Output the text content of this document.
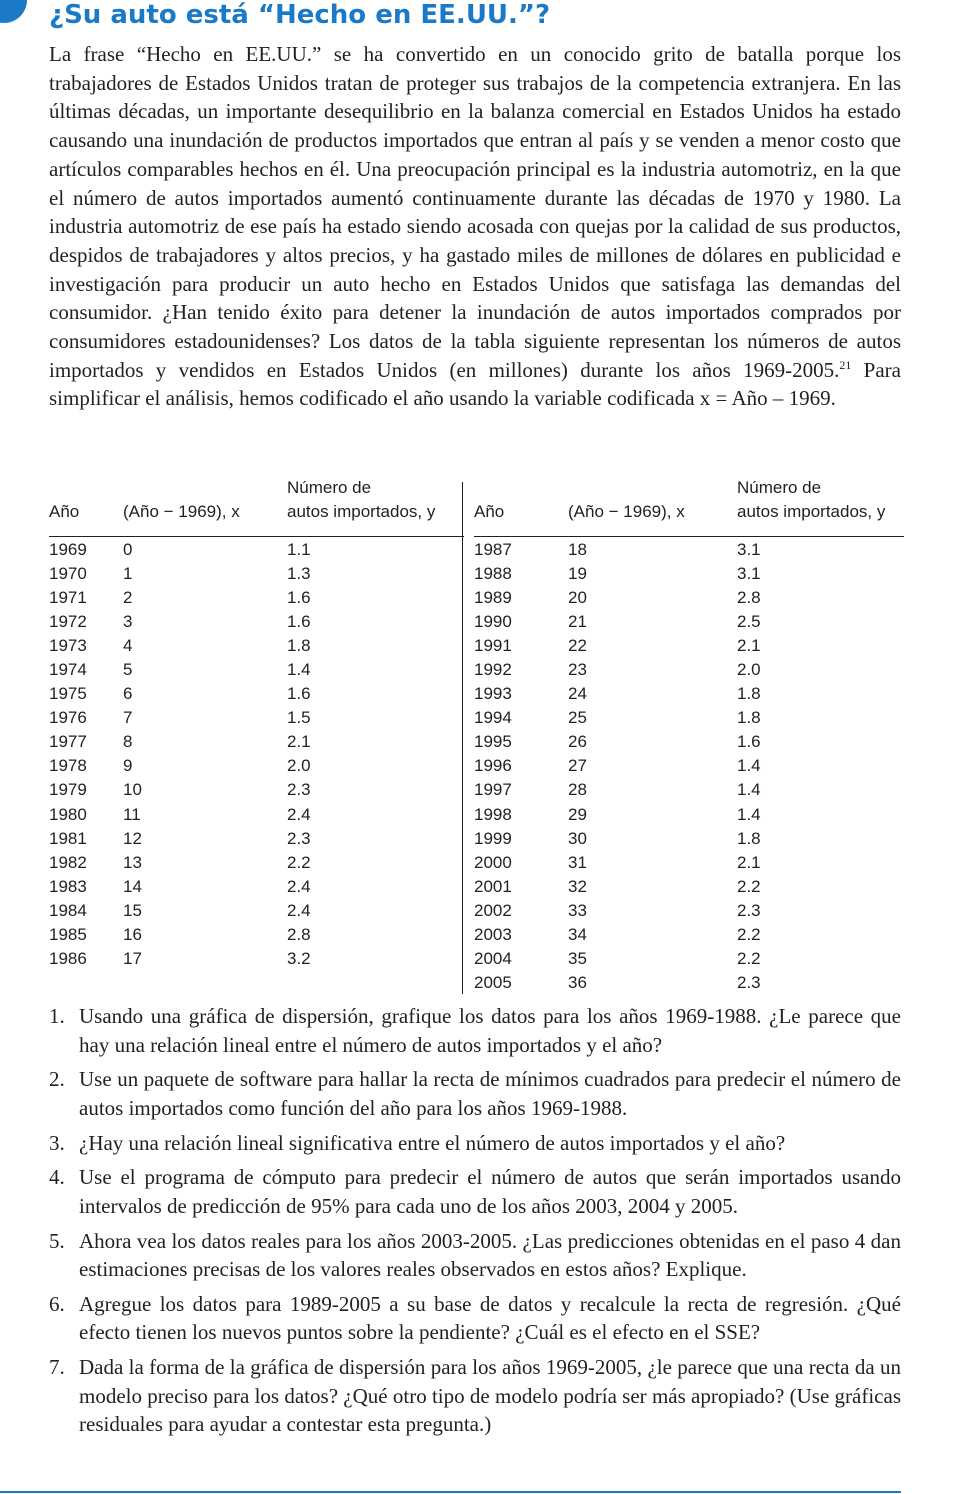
¿Su auto está “Hecho en EE.UU.”?

La frase “Hecho en EE.UU.” se ha convertido en un conocido grito de batalla porque los trabajadores de Estados Unidos tratan de proteger sus trabajos de la competencia extranjera. En las últimas décadas, un importante desequilibrio en la balanza comercial en Estados Unidos ha estado causando una inundación de productos importados que entran al país y se venden a menor costo que artículos comparables hechos en él. Una preocupación principal es la industria automotriz, en la que el número de autos importados aumentó continuamente durante las décadas de 1970 y 1980. La industria automotriz de ese país ha estado siendo acosada con quejas por la calidad de sus productos, despidos de trabajadores y altos precios, y ha gastado miles de millones de dólares en publicidad e investigación para producir un auto hecho en Estados Unidos que satisfaga las demandas del consumidor. ¿Han tenido éxito para detener la inundación de autos importados comprados por consumidores estadounidenses? Los datos de la tabla siguiente representan los números de autos importados y vendidos en Estados Unidos (en millones) durante los años 1969-2005.21 Para simplificar el análisis, hemos codificado el año usando la variable codificada x = Año – 1969.

Año	(Año − 1969), x
Número de
autos importados, y
1969 0	1.1
1970 1	1.3
1971 2	1.6
1972 3	1.6
1973 4	1.8
1974 5	1.4
1975 6	1.6
1976 7	1.5
1977 8	2.1
1978 9	2.0
1979 10	2.3
1980 11	2.4
1981 12	2.3
1982 13	2.2
1983 14	2.4
1984 15	2.4
1985 16	2.8
1986 17	3.2
Año	(Año − 1969), x
Número de
autos importados, y
1987	18	3.1
1988	19	3.1
1989	20	2.8
1990	21	2.5
1991	22	2.1
1992	23	2.0
1993	24	1.8
1994	25	1.8
1995	26	1.6
1996	27	1.4
1997	28	1.4
1998	29	1.4
1999	30	1.8
2000	31	2.1
2001	32	2.2
2002	33	2.3
2003	34	2.2
2004	35	2.2
2005	36	2.3
1. Usando una gráfica de dispersión, grafique los datos para los años 1969-1988. ¿Le parece que hay una relación lineal entre el número de autos importados y el año?
2. Use un paquete de software para hallar la recta de mínimos cuadrados para predecir el número de autos importados como función del año para los años 1969-1988.
3. ¿Hay una relación lineal significativa entre el número de autos importados y el año?
4. Use el programa de cómputo para predecir el número de autos que serán importados usando intervalos de predicción de 95% para cada uno de los años 2003, 2004 y 2005.
5. Ahora vea los datos reales para los años 2003-2005. ¿Las predicciones obtenidas en el paso 4 dan estimaciones precisas de los valores reales observados en estos años? Explique.
6. Agregue los datos para 1989-2005 a su base de datos y recalcule la recta de regresión. ¿Qué efecto tienen los nuevos puntos sobre la pendiente? ¿Cuál es el efecto en el SSE?
7. Dada la forma de la gráfica de dispersión para los años 1969-2005, ¿le parece que una recta da un modelo preciso para los datos? ¿Qué otro tipo de modelo podría ser más apropiado? (Use gráficas residuales para ayudar a contestar esta pregunta.)
